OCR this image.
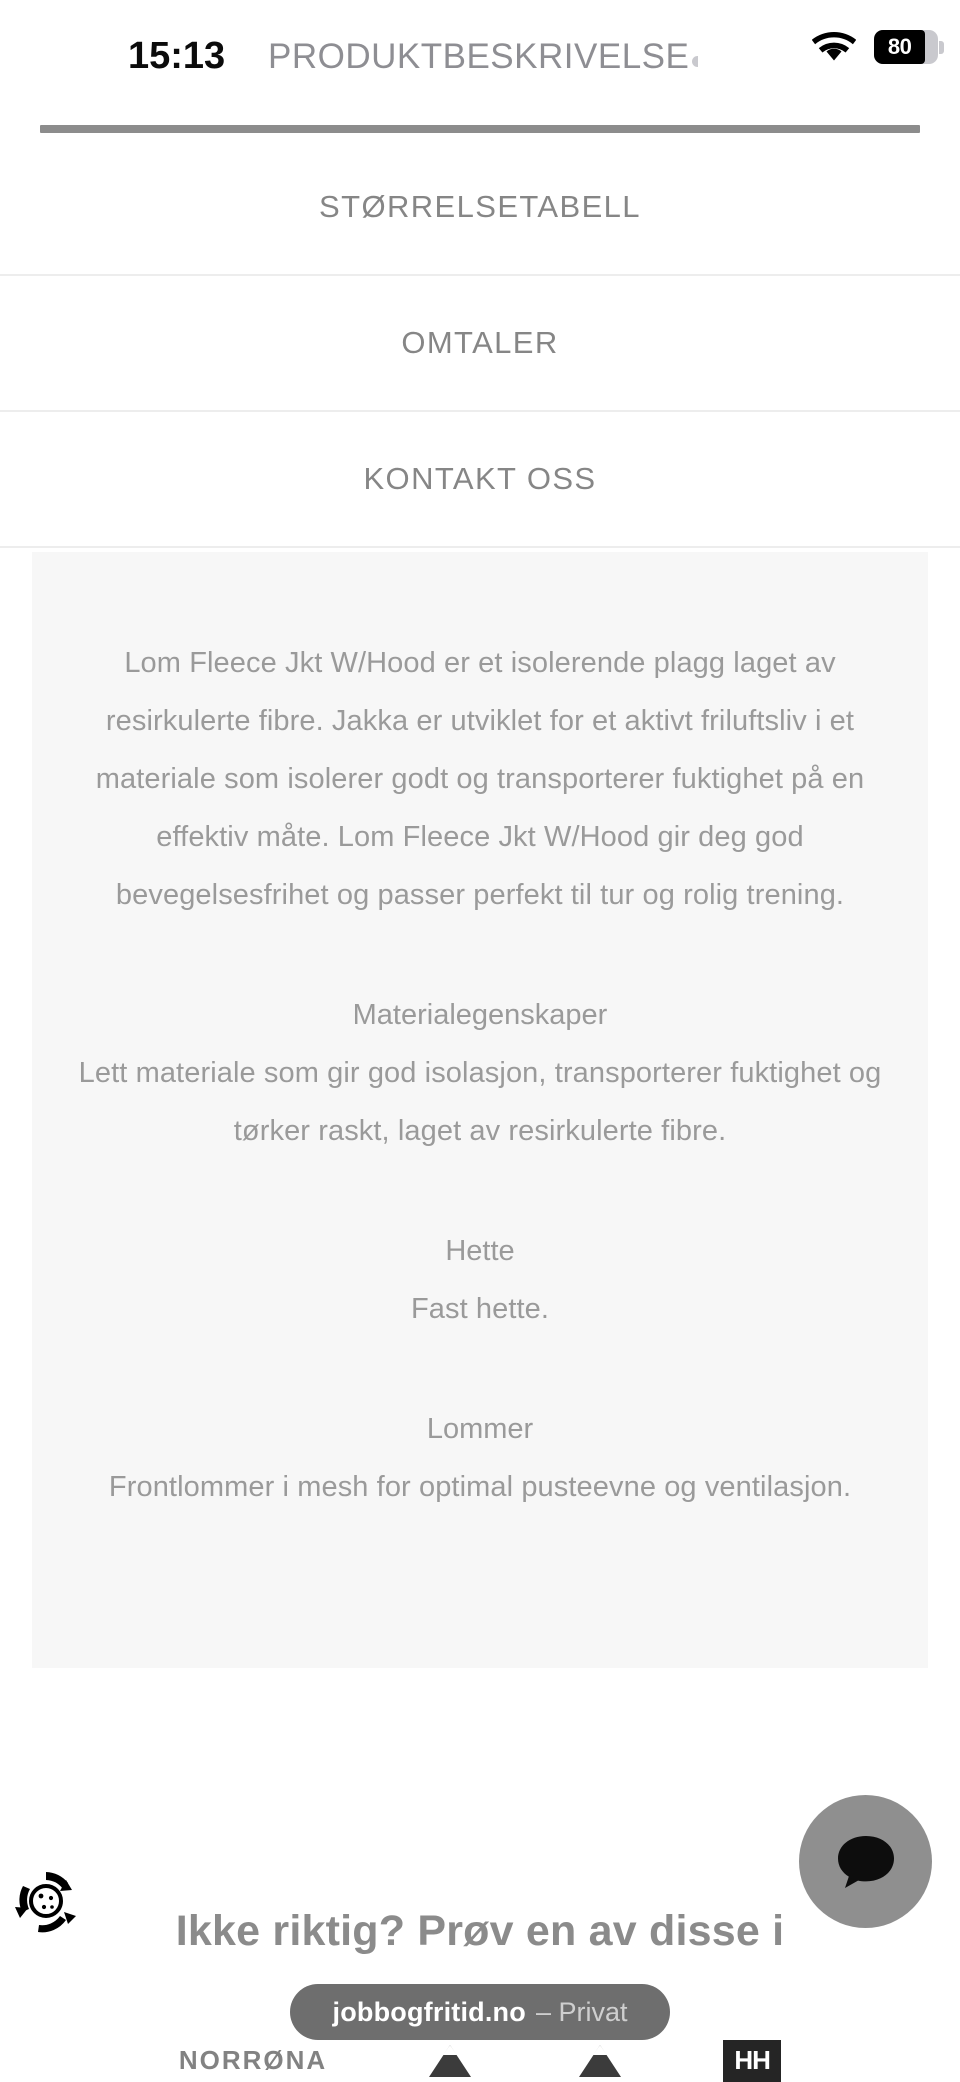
15:13 PRODUKTBESKRIVELSE	80
STØRRELSETABELL
OMTALER
KONTAKT OSS

Lom Fleece Jkt W/Hood er et isolerende plagg laget av resirkulerte fibre. Jakka er utviklet for et aktivt friluftsliv i et materiale som isolerer godt og transporterer fuktighet på en effektiv måte. Lom Fleece Jkt W/Hood gir deg god bevegelsesfrihet og passer perfekt til tur og rolig trening.

Materialegenskaper

Lett materiale som gir god isolasjon, transporterer fuktighet og tørker raskt, laget av resirkulerte fibre.

Hette

Fast hette.

Lommer

Frontlommer i mesh for optimal pusteevne og ventilasjon.

Ikke riktig? Prøv en av disse i
NORRØNA	HH
jobbogfritid.no – Privat
